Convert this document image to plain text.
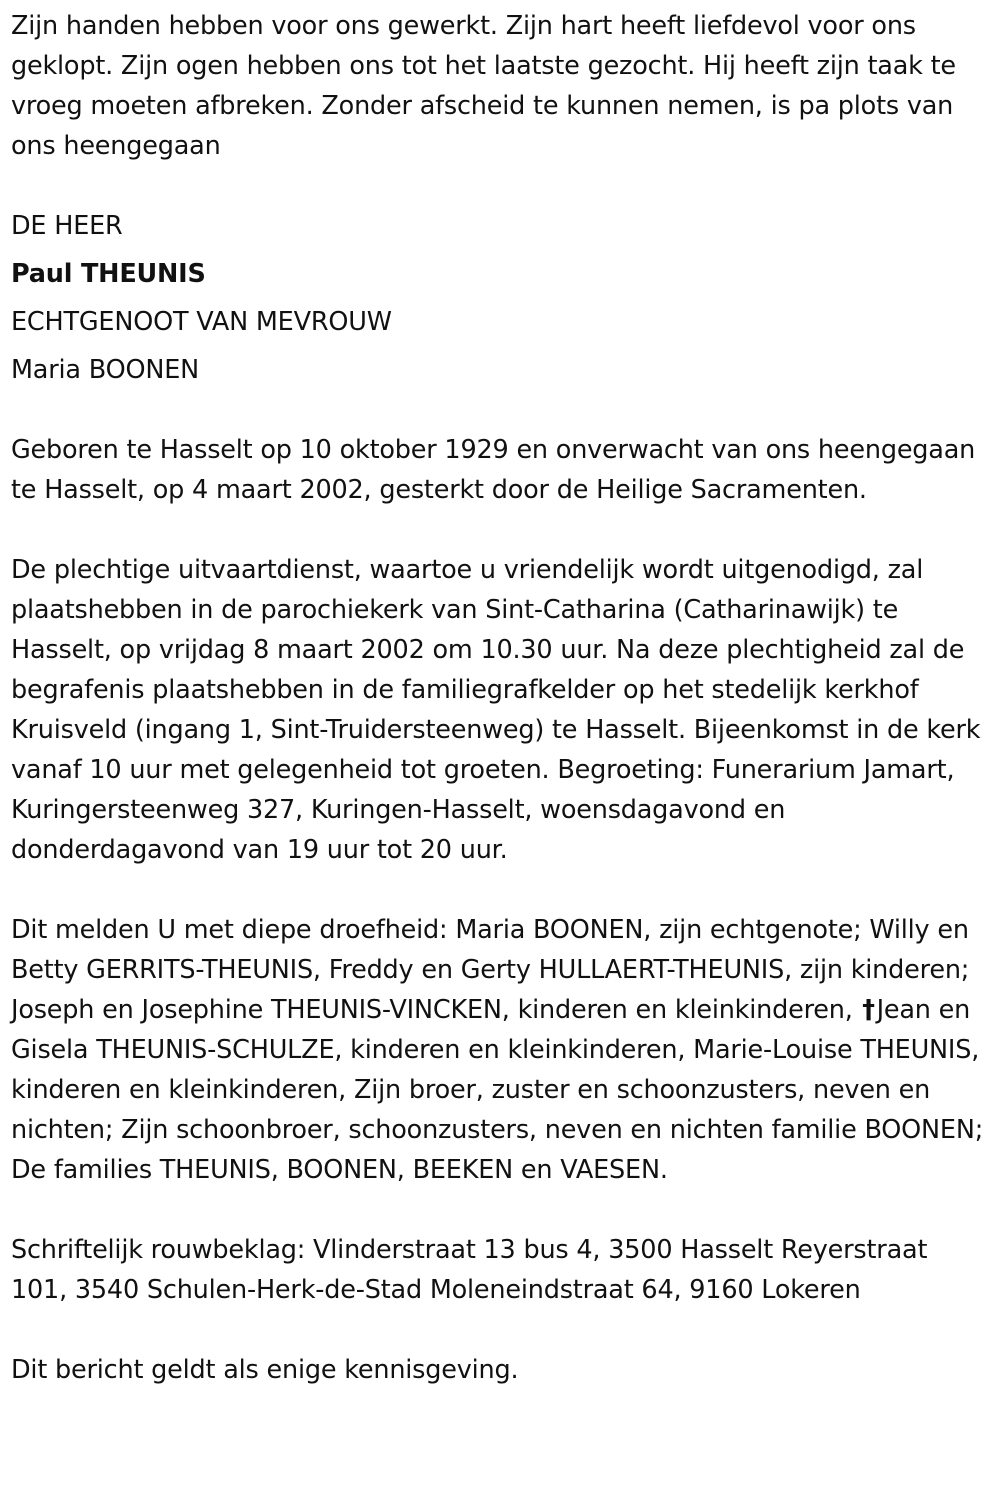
Zijn handen hebben voor ons gewerkt. Zijn hart heeft liefdevol voor ons geklopt. Zijn ogen hebben ons tot het laatste gezocht. Hij heeft zijn taak te vroeg moeten afbreken. Zonder afscheid te kunnen nemen, is pa plots van ons heengegaan

DE HEER

Paul THEUNIS

ECHTGENOOT VAN MEVROUW

Maria BOONEN

Geboren te Hasselt op 10 oktober 1929 en onverwacht van ons heengegaan te Hasselt, op 4 maart 2002, gesterkt door de Heilige Sacramenten.

De plechtige uitvaartdienst, waartoe u vriendelijk wordt uitgenodigd, zal plaatshebben in de parochiekerk van Sint-Catharina (Catharinawijk) te Hasselt, op vrijdag 8 maart 2002 om 10.30 uur. Na deze plechtigheid zal de begrafenis plaatshebben in de familiegrafkelder op het stedelijk kerkhof Kruisveld (ingang 1, Sint-Truidersteenweg) te Hasselt. Bijeenkomst in de kerk vanaf 10 uur met gelegenheid tot groeten. Begroeting: Funerarium Jamart, Kuringersteenweg 327, Kuringen-Hasselt, woensdagavond en donderdagavond van 19 uur tot 20 uur.

Dit melden U met diepe droefheid: Maria BOONEN, zijn echtgenote; Willy en Betty GERRITS-THEUNIS, Freddy en Gerty HULLAERT-THEUNIS, zijn kinderen; Joseph en Josephine THEUNIS-VINCKEN, kinderen en kleinkinderen, †Jean en Gisela THEUNIS-SCHULZE, kinderen en kleinkinderen, Marie-Louise THEUNIS, kinderen en kleinkinderen, Zijn broer, zuster en schoonzusters, neven en nichten; Zijn schoonbroer, schoonzusters, neven en nichten familie BOONEN; De families THEUNIS, BOONEN, BEEKEN en VAESEN.

Schriftelijk rouwbeklag: Vlinderstraat 13 bus 4, 3500 Hasselt Reyerstraat 101, 3540 Schulen-Herk-de-Stad Moleneindstraat 64, 9160 Lokeren

Dit bericht geldt als enige kennisgeving.
